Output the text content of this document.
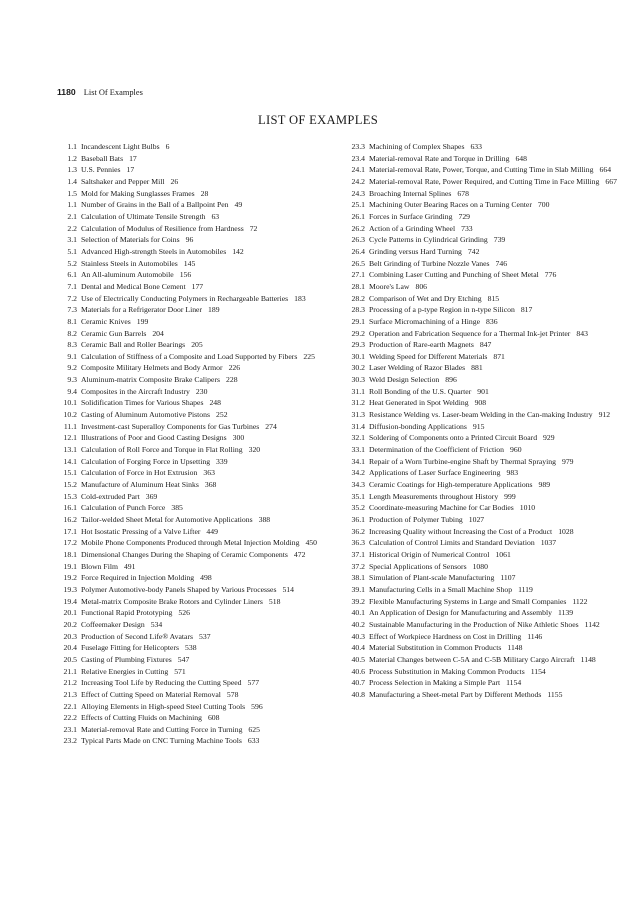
1180 List Of Examples
LIST OF EXAMPLES
1.1 Incandescent Light Bulbs 6
1.2 Baseball Bats 17
1.3 U.S. Pennies 17
1.4 Saltshaker and Pepper Mill 26
1.5 Mold for Making Sunglasses Frames 28
1.1 Number of Grains in the Ball of a Ballpoint Pen 49
2.1 Calculation of Ultimate Tensile Strength 63
2.2 Calculation of Modulus of Resilience from Hardness 72
3.1 Selection of Materials for Coins 96
5.1 Advanced High-strength Steels in Automobiles 142
5.2 Stainless Steels in Automobiles 145
6.1 An All-aluminum Automobile 156
7.1 Dental and Medical Bone Cement 177
7.2 Use of Electrically Conducting Polymers in Rechargeable Batteries 183
7.3 Materials for a Refrigerator Door Liner 189
8.1 Ceramic Knives 199
8.2 Ceramic Gun Barrels 204
8.3 Ceramic Ball and Roller Bearings 205
9.1 Calculation of Stiffness of a Composite and Load Supported by Fibers 225
9.2 Composite Military Helmets and Body Armor 226
9.3 Aluminum-matrix Composite Brake Calipers 228
9.4 Composites in the Aircraft Industry 230
10.1 Solidification Times for Various Shapes 248
10.2 Casting of Aluminum Automotive Pistons 252
11.1 Investment-cast Superalloy Components for Gas Turbines 274
12.1 Illustrations of Poor and Good Casting Designs 300
13.1 Calculation of Roll Force and Torque in Flat Rolling 320
14.1 Calculation of Forging Force in Upsetting 339
15.1 Calculation of Force in Hot Extrusion 363
15.2 Manufacture of Aluminum Heat Sinks 368
15.3 Cold-extruded Part 369
16.1 Calculation of Punch Force 385
16.2 Tailor-welded Sheet Metal for Automotive Applications 388
17.1 Hot Isostatic Pressing of a Valve Lifter 449
17.2 Mobile Phone Components Produced through Metal Injection Molding 450
18.1 Dimensional Changes During the Shaping of Ceramic Components 472
19.1 Blown Film 491
19.2 Force Required in Injection Molding 498
19.3 Polymer Automotive-body Panels Shaped by Various Processes 514
19.4 Metal-matrix Composite Brake Rotors and Cylinder Liners 518
20.1 Functional Rapid Prototyping 526
20.2 Coffeemaker Design 534
20.3 Production of Second Life® Avatars 537
20.4 Fuselage Fitting for Helicopters 538
20.5 Casting of Plumbing Fixtures 547
21.1 Relative Energies in Cutting 571
21.2 Increasing Tool Life by Reducing the Cutting Speed 577
21.3 Effect of Cutting Speed on Material Removal 578
22.1 Alloying Elements in High-speed Steel Cutting Tools 596
22.2 Effects of Cutting Fluids on Machining 608
23.1 Material-removal Rate and Cutting Force in Turning 625
23.2 Typical Parts Made on CNC Turning Machine Tools 633
23.3 Machining of Complex Shapes 633
23.4 Material-removal Rate and Torque in Drilling 648
24.1 Material-removal Rate, Power, Torque, and Cutting Time in Slab Milling 664
24.2 Material-removal Rate, Power Required, and Cutting Time in Face Milling 667
24.3 Broaching Internal Splines 678
25.1 Machining Outer Bearing Races on a Turning Center 700
26.1 Forces in Surface Grinding 729
26.2 Action of a Grinding Wheel 733
26.3 Cycle Patterns in Cylindrical Grinding 739
26.4 Grinding versus Hard Turning 742
26.5 Belt Grinding of Turbine Nozzle Vanes 746
27.1 Combining Laser Cutting and Punching of Sheet Metal 776
28.1 Moore's Law 806
28.2 Comparison of Wet and Dry Etching 815
28.3 Processing of a p-type Region in n-type Silicon 817
29.1 Surface Micromachining of a Hinge 836
29.2 Operation and Fabrication Sequence for a Thermal Ink-jet Printer 843
29.3 Production of Rare-earth Magnets 847
30.1 Welding Speed for Different Materials 871
30.2 Laser Welding of Razor Blades 881
30.3 Weld Design Selection 896
31.1 Roll Bonding of the U.S. Quarter 901
31.2 Heat Generated in Spot Welding 908
31.3 Resistance Welding vs. Laser-beam Welding in the Can-making Industry 912
31.4 Diffusion-bonding Applications 915
32.1 Soldering of Components onto a Printed Circuit Board 929
33.1 Determination of the Coefficient of Friction 960
34.1 Repair of a Worn Turbine-engine Shaft by Thermal Spraying 979
34.2 Applications of Laser Surface Engineering 983
34.3 Ceramic Coatings for High-temperature Applications 989
35.1 Length Measurements throughout History 999
35.2 Coordinate-measuring Machine for Car Bodies 1010
36.1 Production of Polymer Tubing 1027
36.2 Increasing Quality without Increasing the Cost of a Product 1028
36.3 Calculation of Control Limits and Standard Deviation 1037
37.1 Historical Origin of Numerical Control 1061
37.2 Special Applications of Sensors 1080
38.1 Simulation of Plant-scale Manufacturing 1107
39.1 Manufacturing Cells in a Small Machine Shop 1119
39.2 Flexible Manufacturing Systems in Large and Small Companies 1122
40.1 An Application of Design for Manufacturing and Assembly 1139
40.2 Sustainable Manufacturing in the Production of Nike Athletic Shoes 1142
40.3 Effect of Workpiece Hardness on Cost in Drilling 1146
40.4 Material Substitution in Common Products 1148
40.5 Material Changes between C-5A and C-5B Military Cargo Aircraft 1148
40.6 Process Substitution in Making Common Products 1154
40.7 Process Selection in Making a Simple Part 1154
40.8 Manufacturing a Sheet-metal Part by Different Methods 1155
